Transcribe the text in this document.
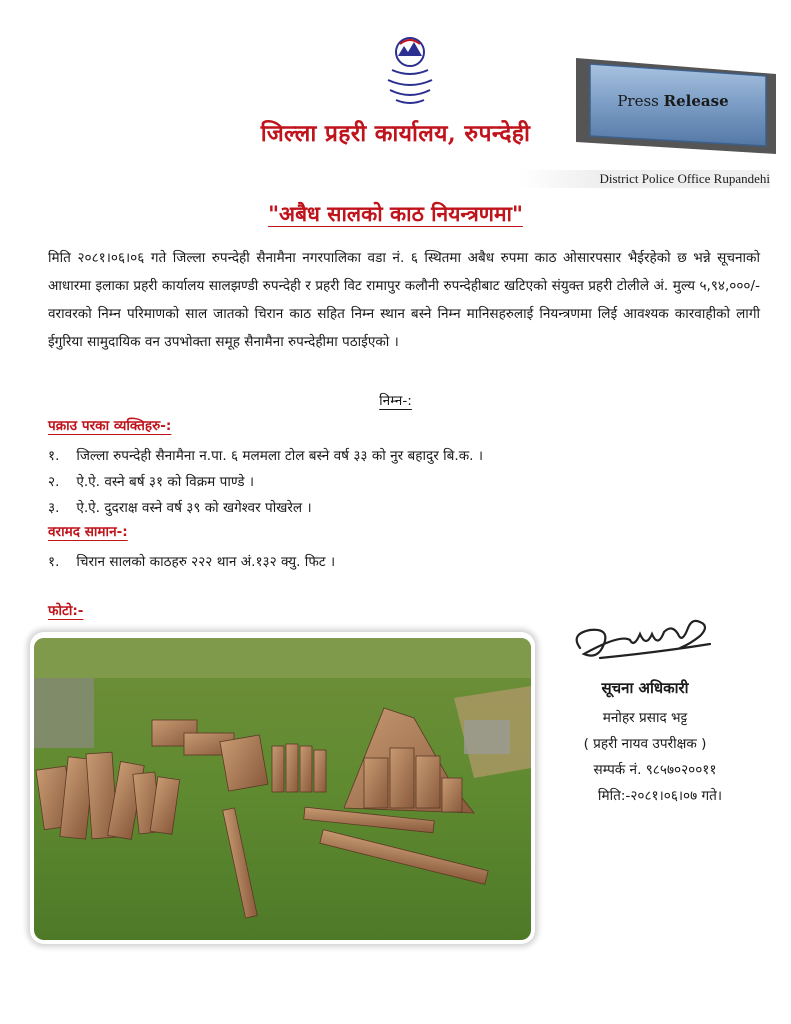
Press Release
जिल्ला प्रहरी कार्यालय, रुपन्देही
District Police Office Rupandehi
"अबैध सालको काठ नियन्त्रणमा"
मिति २०८१।०६।०६ गते जिल्ला रुपन्देही सैनामैना नगरपालिका वडा नं. ६ स्थितमा अबैध रुपमा काठ ओसारपसार भैईरहेको छ भन्ने सूचनाको आधारमा इलाका प्रहरी कार्यालय सालझण्डी रुपन्देही र प्रहरी विट रामापुर कलौनी रुपन्देहीबाट खटिएको संयुक्त प्रहरी टोलीले अं. मुल्य ५,९४,०००/- वरावरको निम्न परिमाणको साल जातको चिरान काठ सहित निम्न स्थान बस्ने निम्न मानिसहरुलाई नियन्त्रणमा लिई आवश्यक कारवाहीको लागी ईगुरिया सामुदायिक वन उपभोक्ता समूह सैनामैना रुपन्देहीमा पठाईएको ।
निम्न-:
पक्राउ परका व्यक्तिहरु-:
१. जिल्ला रुपन्देही सैनामैना न.पा. ६ मलमला टोल बस्ने वर्ष ३३ को नुर बहादुर बि.क. ।
२. ऐ.ऐ. वस्ने बर्ष ३१ को विक्रम पाण्डे ।
३. ऐ.ऐ. दुदराक्ष वस्ने वर्ष ३९ को खगेश्वर पोखरेल ।
वरामद सामान-:
१. चिरान सालको काठहरु २२२ थान अं.१३२ क्यु. फिट ।
फोटो:-
सूचना अधिकारी
मनोहर प्रसाद भट्ट
( प्रहरी नायव उपरीक्षक )
सम्पर्क नं. ९८५७०२००११
मिति:-२०८१।०६।०७ गते।
